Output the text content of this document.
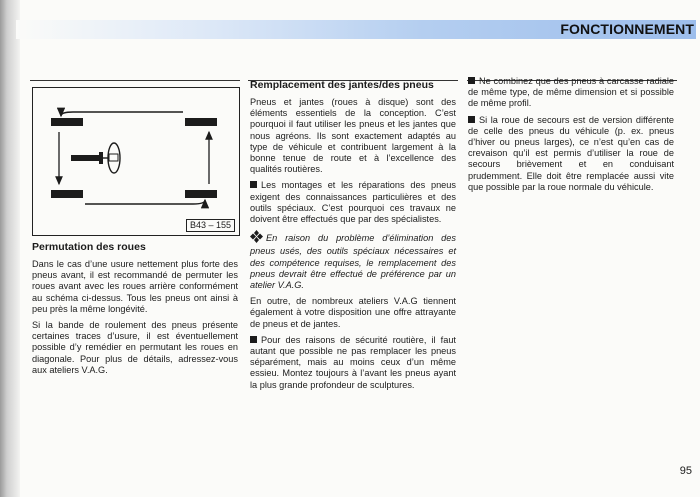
FONCTIONNEMENT
B43 – 155
Permutation des roues

Dans le cas d’une usure nettement plus forte des pneus avant, il est recommandé de permuter les roues avant avec les roues arrière conformément au schéma ci-dessus. Tous les pneus ont ainsi à peu près la même longévité.

Si la bande de roulement des pneus présente certaines traces d’usure, il est éventuellement possible d’y remédier en permutant les roues en diagonale. Pour plus de détails, adressez-vous aux ateliers V.A.G.

Remplacement des jantes/des pneus

Pneus et jantes (roues à disque) sont des éléments essentiels de la conception. C’est pourquoi il faut utiliser les pneus et les jantes que nous agréons. Ils sont exactement adaptés au type de véhicule et contribuent largement à la bonne tenue de route et à l’excellence des qualités routières.

Les montages et les réparations des pneus exigent des connaissances particulières et des outils spéciaux. C’est pourquoi ces travaux ne doivent être effectués que par des spécialistes.

En raison du problème d’élimination des pneus usés, des outils spéciaux nécessaires et des compétence requises, le remplacement des pneus devrait être effectué de préférence par un atelier V.A.G.

En outre, de nombreux ateliers V.A.G tiennent également à votre disposition une offre attrayante de pneus et de jantes.

Pour des raisons de sécurité routière, il faut autant que possible ne pas remplacer les pneus séparément, mais au moins ceux d’un même essieu. Montez toujours à l’avant les pneus ayant la plus grande profondeur de sculptures.

Ne combinez que des pneus à carcasse radiale de même type, de même dimension et si possible de même profil.

Si la roue de secours est de version différente de celle des pneus du véhicule (p. ex. pneus d’hiver ou pneus larges), ce n’est qu’en cas de crevaison qu’il est permis d’utiliser la roue de secours brièvement et en conduisant prudemment. Elle doit être remplacée aussi vite que possible par la roue normale du véhicule.

95
